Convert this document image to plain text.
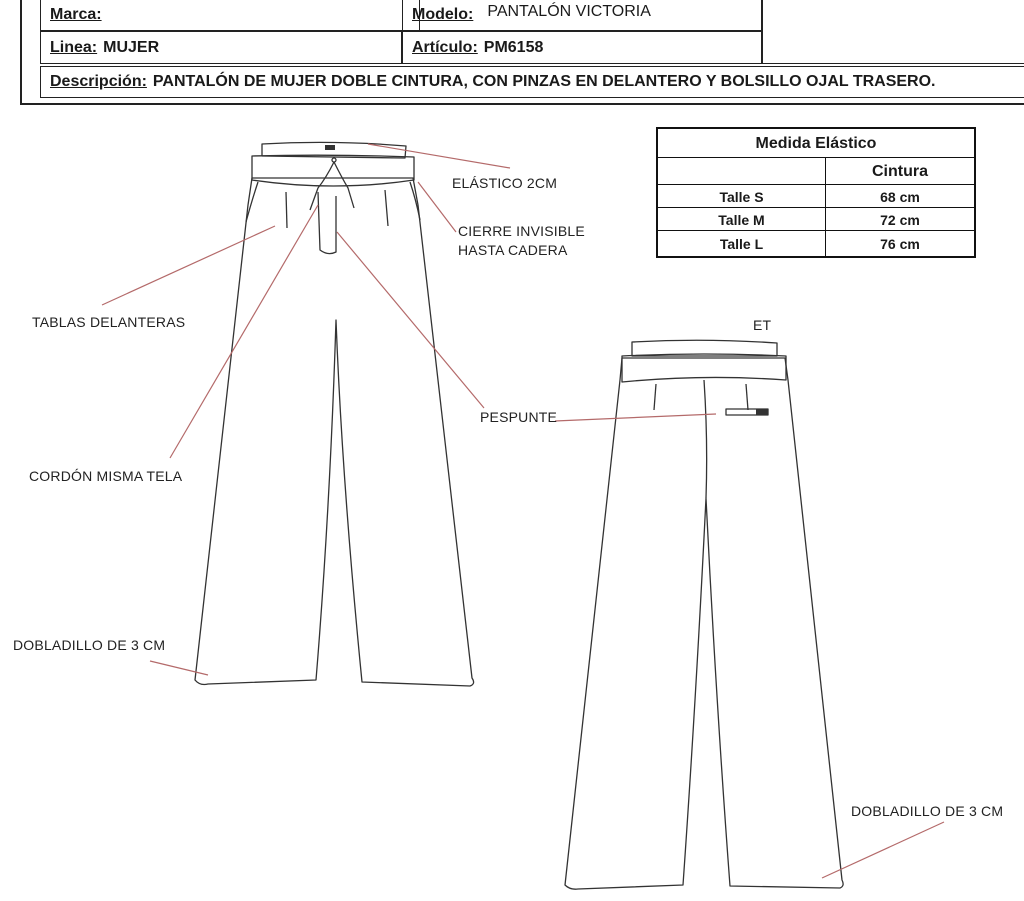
Marca:	Modelo: PANTALÓN VICTORIA
Linea: MUJER	Artículo: PM6158
Descripción: PANTALÓN DE MUJER DOBLE CINTURA, CON PINZAS EN DELANTERO Y BOLSILLO OJAL TRASERO.
Medida Elástico
Cintura
Talle S	68 cm
Talle M	72 cm
Talle L	76 cm
ELÁSTICO 2CM
CIERRE INVISIBLE
HASTA CADERA
TABLAS DELANTERAS	ET
PESPUNTE
CORDÓN MISMA TELA
DOBLADILLO DE 3 CM
DOBLADILLO DE 3 CM
